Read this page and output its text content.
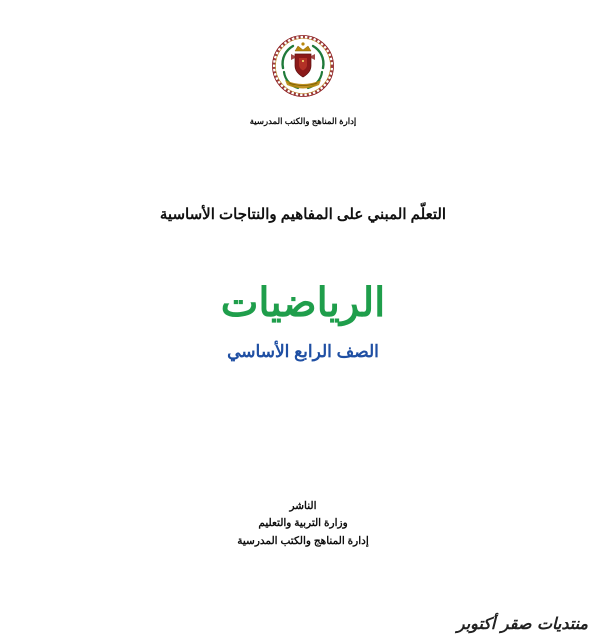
إدارة المناهج والكتب المدرسية
التعلّم المبني على المفاهيم والنتاجات الأساسية
الرياضيات
الصف الرابع الأساسي
الناشر
وزارة التربية والتعليم
إدارة المناهج والكتب المدرسية
منتديات صقر أكتوبر
